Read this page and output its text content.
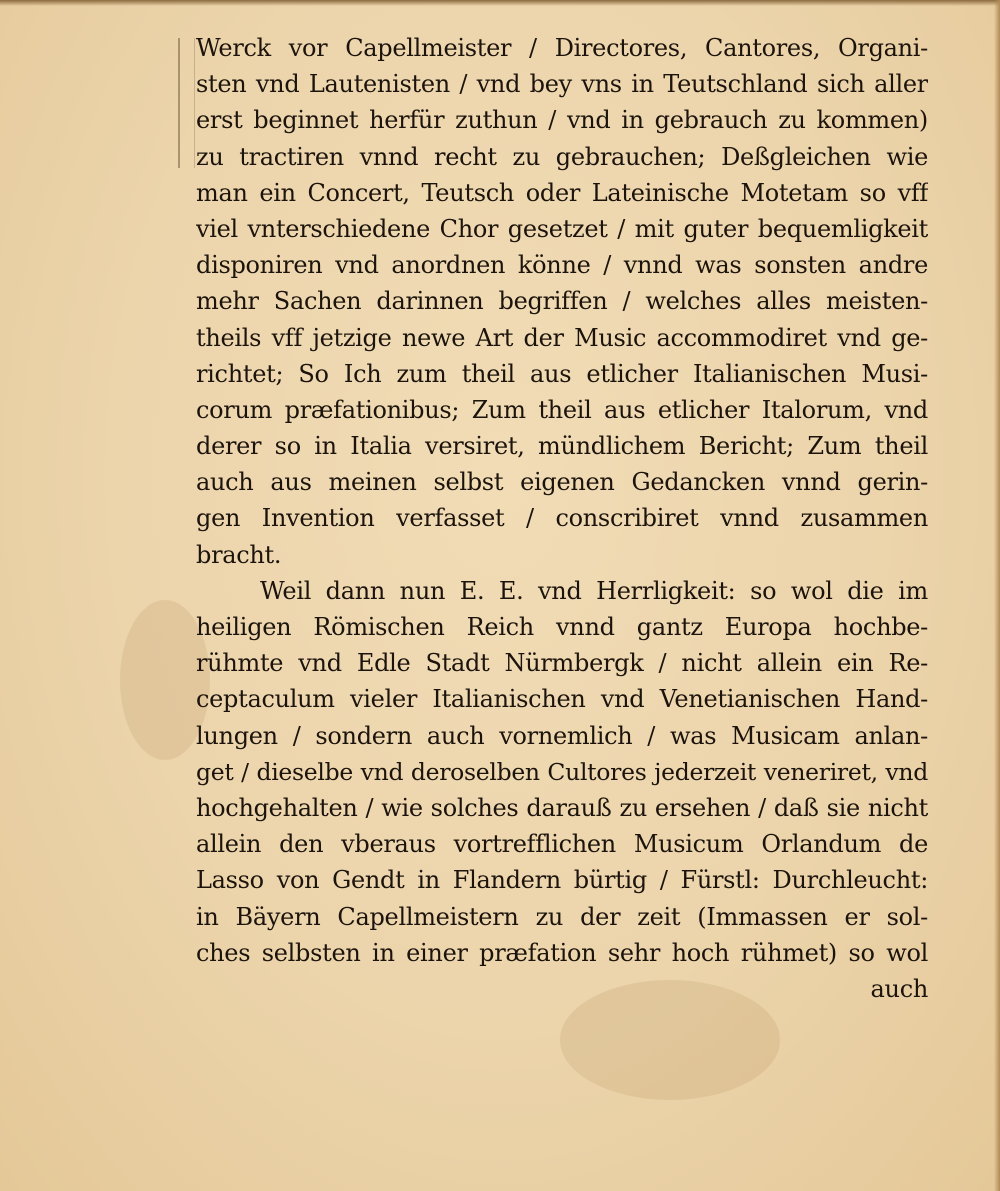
Werck vor Capellmeister / Directores, Cantores, Organi-
sten vnd Lautenisten / vnd bey vns in Teutschland sich aller
erst beginnet herfür zuthun / vnd in gebrauch zu kommen)
zu tractiren vnnd recht zu gebrauchen; Deßgleichen wie
man ein Concert, Teutsch oder Lateinische Motetam so vff
viel vnterschiedene Chor gesetzet / mit guter bequemligkeit
disponiren vnd anordnen könne / vnnd was sonsten andre
mehr Sachen darinnen begriffen / welches alles meisten-
theils vff jetzige newe Art der Music accommodiret vnd ge-
richtet; So Ich zum theil aus etlicher Italianischen Musi-
corum præfationibus; Zum theil aus etlicher Italorum, vnd
derer so in Italia versiret, mündlichem Bericht; Zum theil
auch aus meinen selbst eigenen Gedancken vnnd gerin-
gen Invention verfasset / conscribiret vnnd zusammen
bracht.
Weil dann nun E. E. vnd Herrligkeit: so wol die im
heiligen Römischen Reich vnnd gantz Europa hochbe-
rühmte vnd Edle Stadt Nürmbergk / nicht allein ein Re-
ceptaculum vieler Italianischen vnd Venetianischen Hand-
lungen / sondern auch vornemlich / was Musicam anlan-
get / dieselbe vnd deroselben Cultores jederzeit veneriret, vnd
hochgehalten / wie solches darauß zu ersehen / daß sie nicht
allein den vberaus vortrefflichen Musicum Orlandum de
Lasso von Gendt in Flandern bürtig / Fürstl: Durchleucht:
in Bäyern Capellmeistern zu der zeit (Immassen er sol-
ches selbsten in einer præfation sehr hoch rühmet) so wol
auch
